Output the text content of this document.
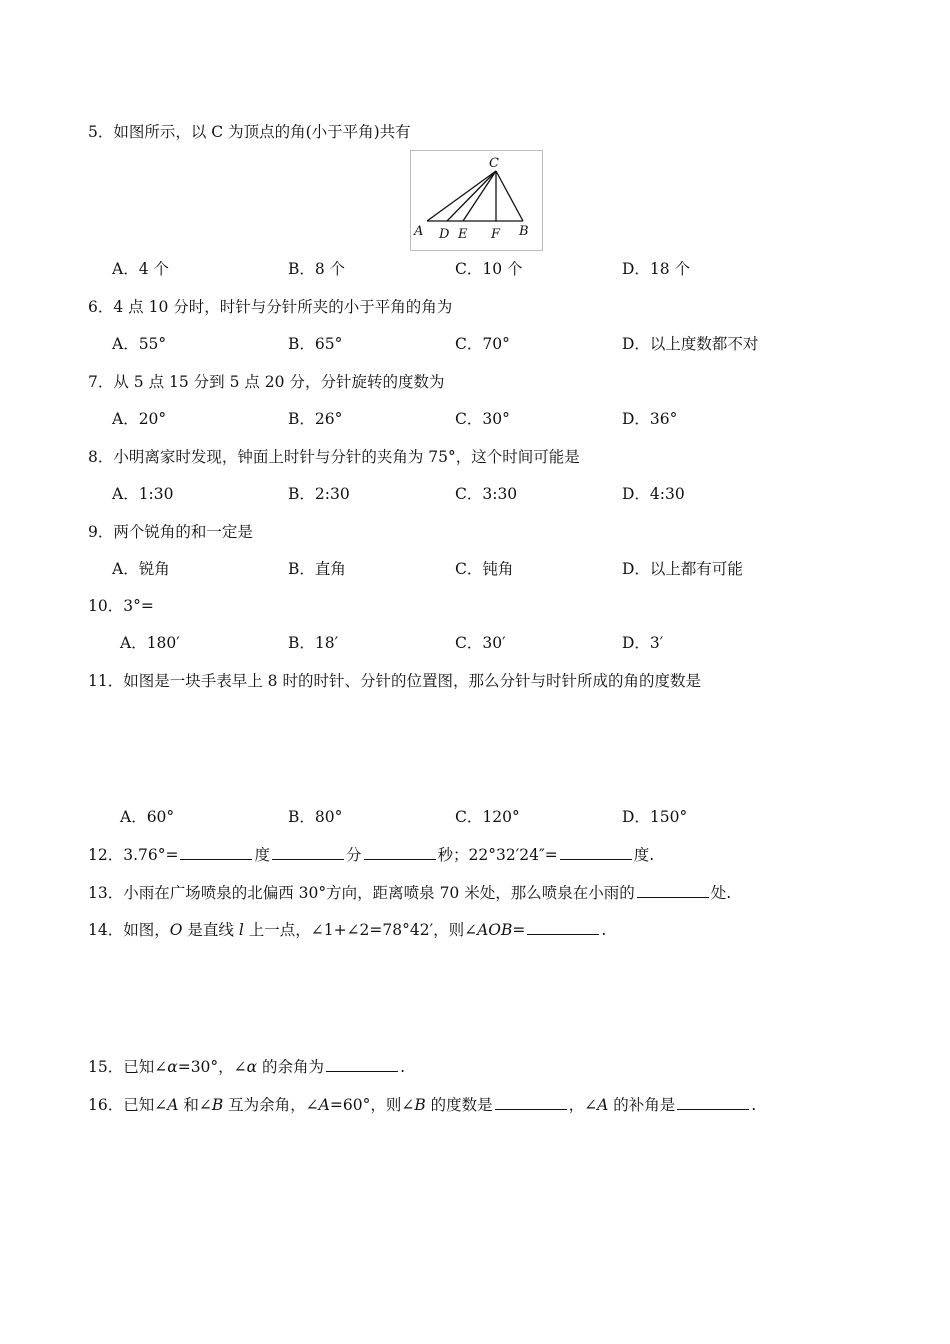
5．如图所示，以 C 为顶点的角(小于平角)共有
C
A D E F B
A．4 个	B．8 个	C．10 个	D．18 个
6．4 点 10 分时，时针与分针所夹的小于平角的角为
A．55°	B．65°	C．70°	D．以上度数都不对
7．从 5 点 15 分到 5 点 20 分，分针旋转的度数为
A．20°	B．26°	C．30°	D．36°
8．小明离家时发现，钟面上时针与分针的夹角为 75°，这个时间可能是
A．1:30	B．2:30	C．3:30	D．4:30
9．两个锐角的和一定是
A．锐角	B．直角	C．钝角	D．以上都有可能
10．3°=
A．180′	B．18′	C．30′	D．3′
11．如图是一块手表早上 8 时的时针、分针的位置图，那么分针与时针所成的角的度数是
A．60°	B．80°	C．120°	D．150°
12．3.76°=	度	分	秒；22°32′24″=	度.
13．小雨在广场喷泉的北偏西 30°方向，距离喷泉 70 米处，那么喷泉在小雨的	处.
14．如图，O 是直线 l 上一点，∠1+∠2=78°42′，则∠AOB=	.
15．已知∠α=30°，∠α 的余角为	.
16．已知∠A 和∠B 互为余角，∠A=60°，则∠B 的度数是	，∠A 的补角是	.
